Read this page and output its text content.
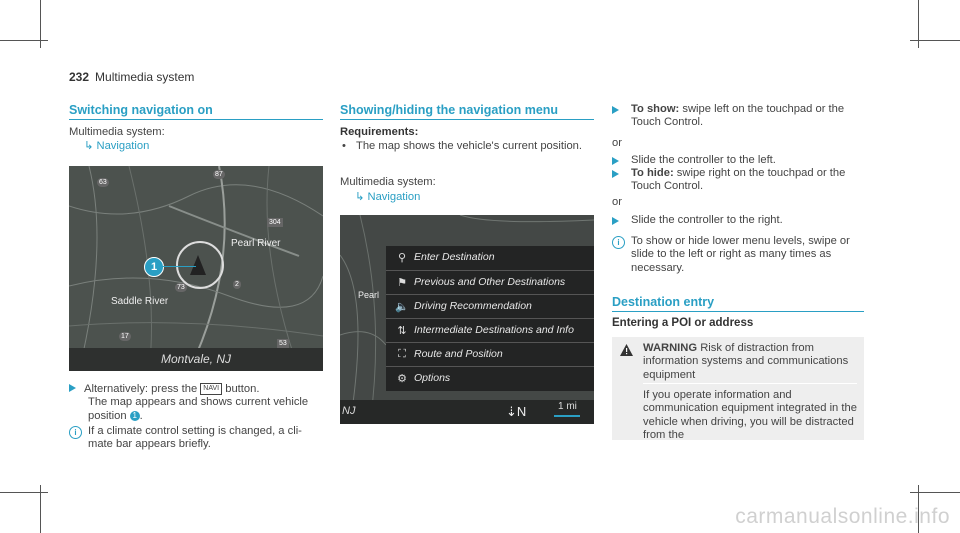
232 Multimedia system
Switching navigation on
Multimedia system:
↳ Navigation
Pearl River
Saddle River
63
87
304
73	2
17
53
1
Montvale, NJ
Alternatively: press the NAVI button.
The map appears and shows current vehicle
position 1 .
i	If a climate control setting is changed, a cli-mate bar appears briefly.
Showing/hiding the navigation menu
Requirements:
• The map shows the vehicle's current position.
Multimedia system:
↳ Navigation
Pearl
NJ	⇣N	1 mi
⚲ Enter Destination
⚑ Previous and Other Destinations
🔈 Driving Recommendation
⇅ Intermediate Destinations and Info
⛶ Route and Position
⚙ Options
To show: swipe left on the touchpad or the Touch Control.
or
Slide the controller to the left.
To hide: swipe right on the touchpad or the Touch Control.
or
Slide the controller to the right.
i	To show or hide lower menu levels, swipe or slide to the left or right as many times as necessary.
Destination entry
Entering a POI or address
WARNING Risk of distraction from information systems and communications equipment
If you operate information and communication equipment integrated in the vehicle when driving, you will be distracted from the
carmanualsonline.info
